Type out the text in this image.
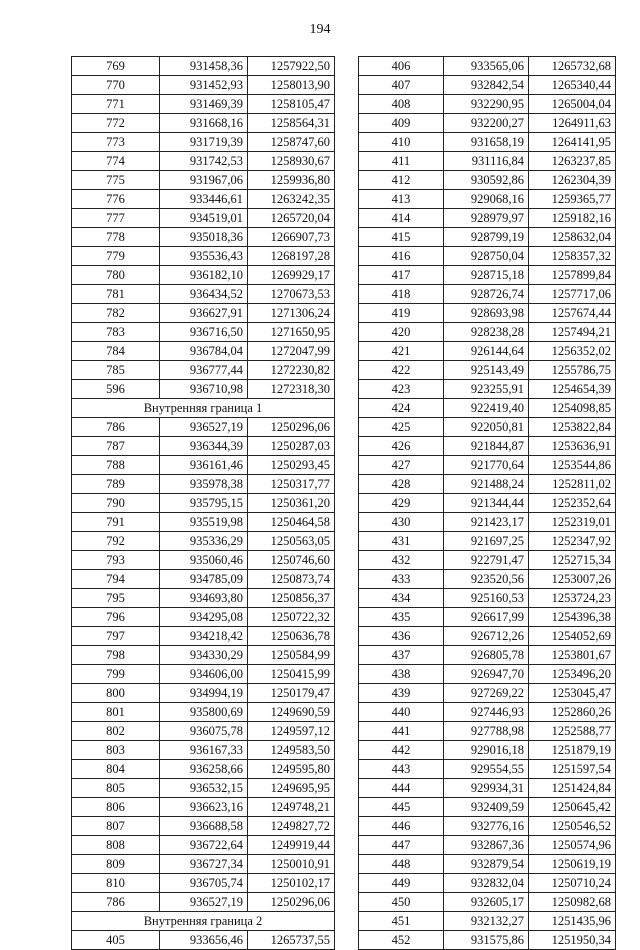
194
769	931458,36	1257922,50
770	931452,93	1258013,90
771	931469,39	1258105,47
772	931668,16	1258564,31
773	931719,39	1258747,60
774	931742,53	1258930,67
775	931967,06	1259936,80
776	933446,61	1263242,35
777	934519,01	1265720,04
778	935018,36	1266907,73
779	935536,43	1268197,28
780	936182,10	1269929,17
781	936434,52	1270673,53
782	936627,91	1271306,24
783	936716,50	1271650,95
784	936784,04	1272047,99
785	936777,44	1272230,82
596	936710,98	1272318,30
Внутренняя граница 1		
786	936527,19	1250296,06
787	936344,39	1250287,03
788	936161,46	1250293,45
789	935978,38	1250317,77
790	935795,15	1250361,20
791	935519,98	1250464,58
792	935336,29	1250563,05
793	935060,46	1250746,60
794	934785,09	1250873,74
795	934693,80	1250856,37
796	934295,08	1250722,32
797	934218,42	1250636,78
798	934330,29	1250584,99
799	934606,00	1250415,99
800	934994,19	1250179,47
801	935800,69	1249690,59
802	936075,78	1249597,12
803	936167,33	1249583,50
804	936258,66	1249595,80
805	936532,15	1249695,95
806	936623,16	1249748,21
807	936688,58	1249827,72
808	936722,64	1249919,44
809	936727,34	1250010,91
810	936705,74	1250102,17
786	936527,19	1250296,06
Внутренняя граница 2		
405	933656,46	1265737,55
406	933565,06	1265732,68
407	932842,54	1265340,44
408	932290,95	1265004,04
409	932200,27	1264911,63
410	931658,19	1264141,95
411	931116,84	1263237,85
412	930592,86	1262304,39
413	929068,16	1259365,77
414	928979,97	1259182,16
415	928799,19	1258632,04
416	928750,04	1258357,32
417	928715,18	1257899,84
418	928726,74	1257717,06
419	928693,98	1257674,44
420	928238,28	1257494,21
421	926144,64	1256352,02
422	925143,49	1255786,75
423	923255,91	1254654,39
424	922419,40	1254098,85
425	922050,81	1253822,84
426	921844,87	1253636,91
427	921770,64	1253544,86
428	921488,24	1252811,02
429	921344,44	1252352,64
430	921423,17	1252319,01
431	921697,25	1252347,92
432	922791,47	1252715,34
433	923520,56	1253007,26
434	925160,53	1253724,23
435	926617,99	1254396,38
436	926712,26	1254052,69
437	926805,78	1253801,67
438	926947,70	1253496,20
439	927269,22	1253045,47
440	927446,93	1252860,26
441	927788,98	1252588,77
442	929016,18	1251879,19
443	929554,55	1251597,54
444	929934,31	1251424,84
445	932409,59	1250645,42
446	932776,16	1250546,52
447	932867,36	1250574,96
448	932879,54	1250619,19
449	932832,04	1250710,24
450	932605,17	1250982,68
451	932132,27	1251435,96
452	931575,86	1251950,34
